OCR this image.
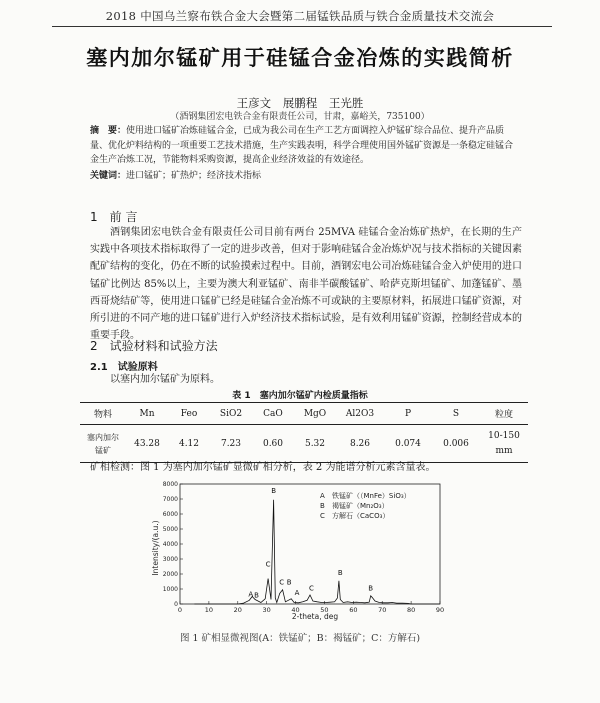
2018 中国乌兰察布铁合金大会暨第二届锰铁品质与铁合金质量技术交流会
塞内加尔锰矿用于硅锰合金冶炼的实践简析
王彦文 展鹏程 王光胜
（酒钢集团宏电铁合金有限责任公司，甘肃，嘉峪关，735100）
摘　要：使用进口锰矿冶炼硅锰合金，已成为我公司在生产工艺方面调控入炉锰矿综合品位、提升产品质量、优化炉料结构的一项重要工艺技术措施，生产实践表明，科学合理使用国外锰矿资源是一条稳定硅锰合金生产冶炼工况，节能物料采购资源，提高企业经济效益的有效途径。
关键词：进口锰矿；矿热炉；经济技术指标
1　前 言
酒钢集团宏电铁合金有限责任公司目前有两台 25MVA 硅锰合金冶炼矿热炉，在长期的生产实践中各项技术指标取得了一定的进步改善，但对于影响硅锰合金冶炼炉况与技术指标的关键因素配矿结构的变化，仍在不断的试验摸索过程中。目前，酒钢宏电公司冶炼硅锰合金入炉使用的进口锰矿比例达 85%以上，主要为澳大利亚锰矿、南非半碳酸锰矿、哈萨克斯坦锰矿、加蓬锰矿、墨西哥烧结矿等，使用进口锰矿已经是硅锰合金冶炼不可或缺的主要原材料，拓展进口锰矿资源，对所引进的不同产地的进口锰矿进行入炉经济技术指标试验，是有效利用锰矿资源，控制经营成本的重要手段。
2　试验材料和试验方法
2.1　试验原料
以塞内加尔锰矿为原料。
表 1　塞内加尔锰矿内检质量指标
物料	Mn	Feo	SiO2	CaO	MgO	Al2O3	P	S	粒度
塞内加尔锰矿	43.28	4.12	7.23	0.60	5.32	8.26	0.074	0.006	10-150
mm
矿相检测：图 1 为塞内加尔锰矿显微矿相分析，表 2 为能谱分析元素含量表。
0	10	20	30	40	50	60	70	80	90
0
1000
2000
3000
4000
5000
6000
7000
8000
A B
C
B
C B
A
C
B
B
A 铁锰矿（（MnFe）SiO₃）
B 褐锰矿（Mn₂O₃）
C 方解石（CaCO₃）
2-theta, deg
Intensity/(a.u.)
图 1 矿相显微视图(A：铁锰矿；B：褐锰矿；C：方解石)
